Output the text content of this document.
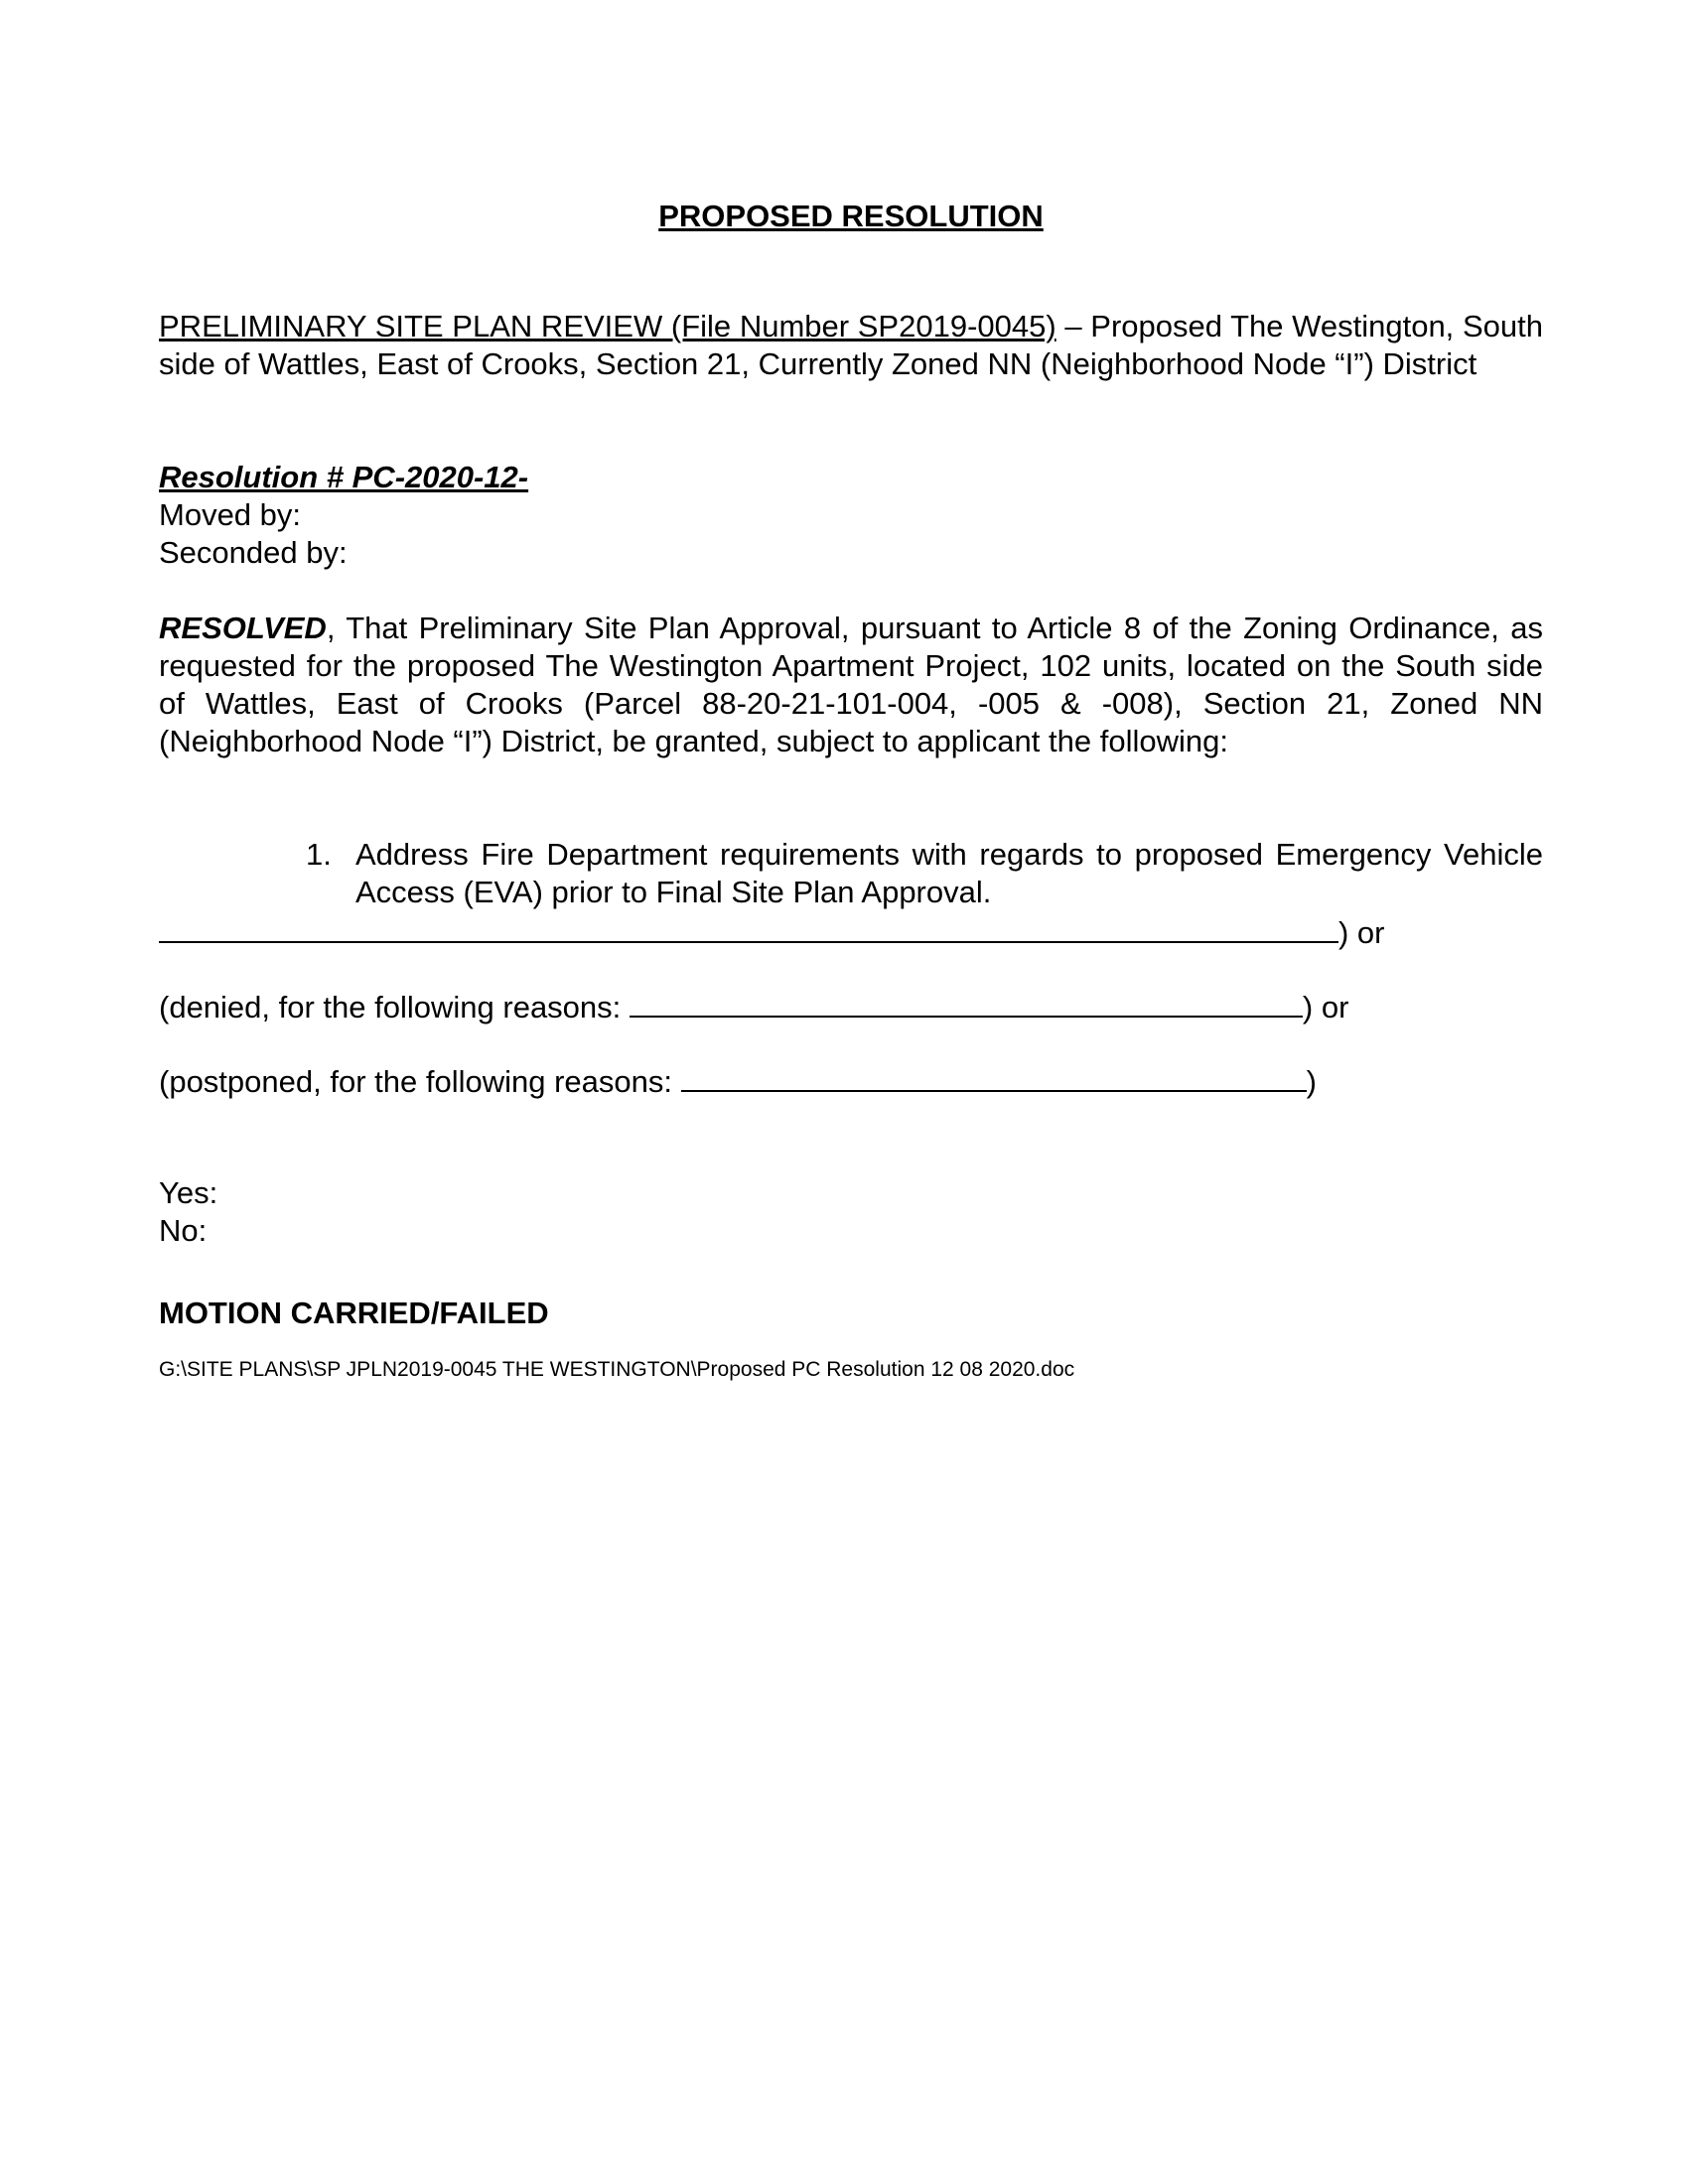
PROPOSED RESOLUTION

PRELIMINARY SITE PLAN REVIEW (File Number SP2019-0045) – Proposed The Westington, South side of Wattles, East of Crooks, Section 21, Currently Zoned NN (Neighborhood Node “I”) District

Resolution # PC-2020-12-

Moved by:

Seconded by:

RESOLVED, That Preliminary Site Plan Approval, pursuant to Article 8 of the Zoning Ordinance, as requested for the proposed The Westington Apartment Project, 102 units, located on the South side of Wattles, East of Crooks (Parcel 88-20-21-101-004, -005 & -008), Section 21, Zoned NN (Neighborhood Node “I”) District, be granted, subject to applicant the following:

1. Address Fire Department requirements with regards to proposed Emergency Vehicle Access (EVA) prior to Final Site Plan Approval.

) or
(denied, for the following reasons:	) or
(postponed, for the following reasons:	)

Yes:

No:

MOTION CARRIED/FAILED
G:\SITE PLANS\SP JPLN2019-0045 THE WESTINGTON\Proposed PC Resolution 12 08 2020.doc
